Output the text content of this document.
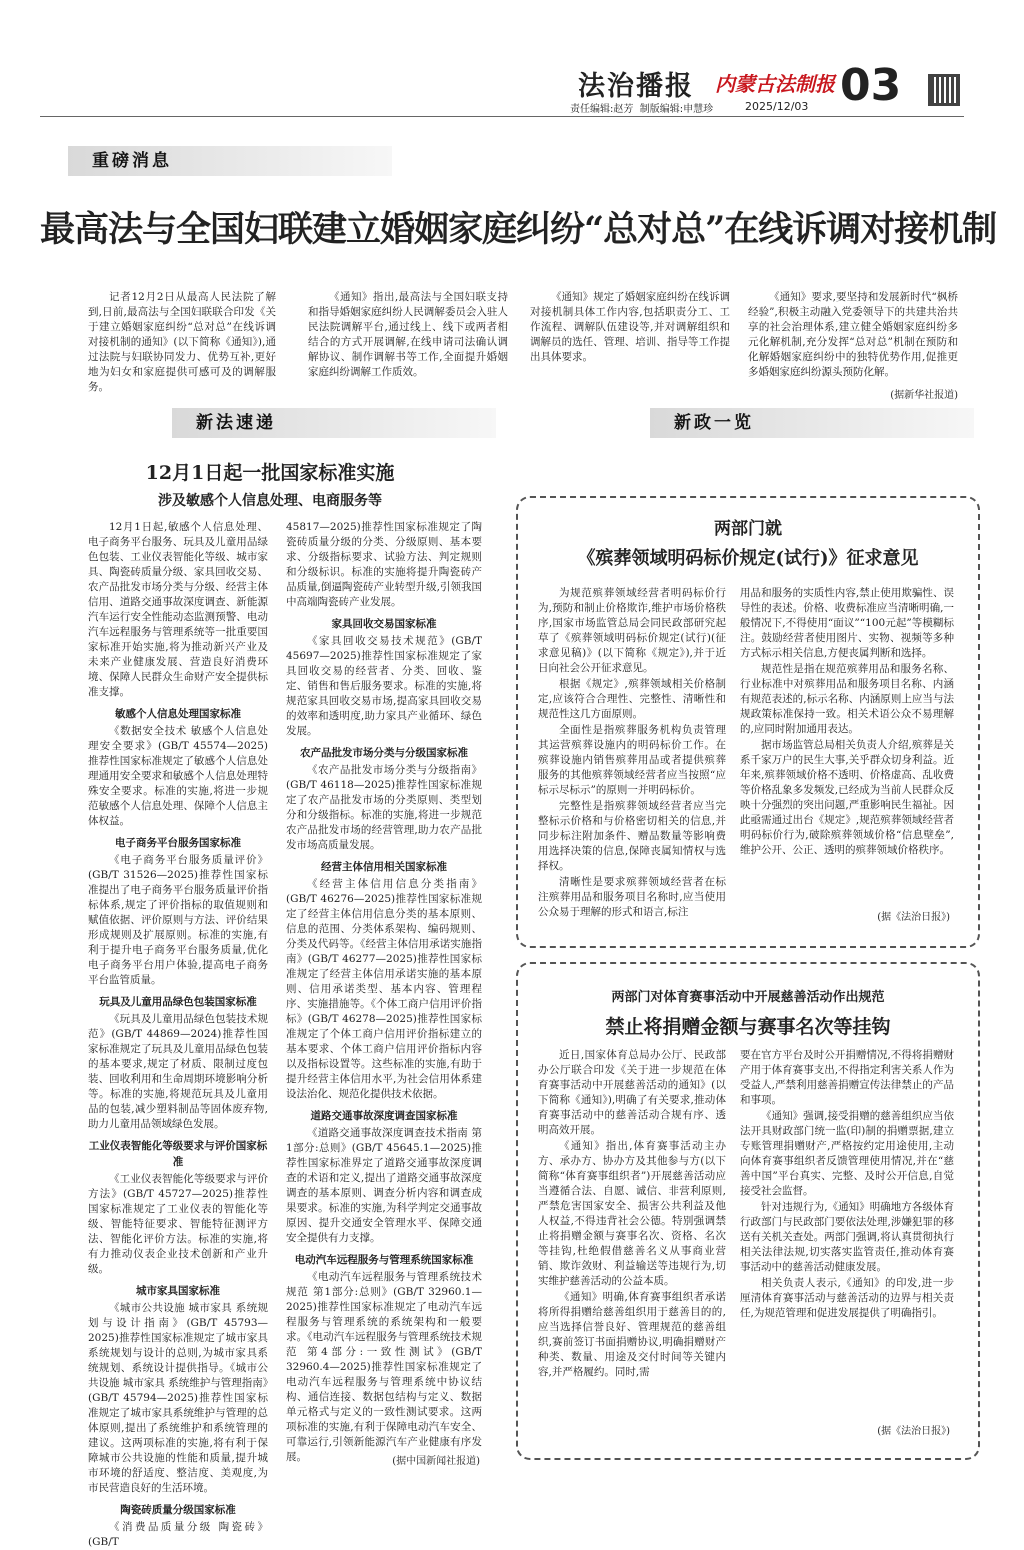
法治播报 内蒙古法制报
责任编辑:赵芳  制版编辑:申慧珍	2025/12/03 03
重磅消息
最高法与全国妇联建立婚姻家庭纠纷“总对总”在线诉调对接机制

记者12月2日从最高人民法院了解到,日前,最高法与全国妇联联合印发《关于建立婚姻家庭纠纷“总对总”在线诉调对接机制的通知》(以下简称《通知》),通过法院与妇联协同发力、优势互补,更好地为妇女和家庭提供可感可及的调解服务。

《通知》指出,最高法与全国妇联支持和指导婚姻家庭纠纷人民调解委员会入驻人民法院调解平台,通过线上、线下或两者相结合的方式开展调解,在线申请司法确认调解协议、制作调解书等工作,全面提升婚姻家庭纠纷调解工作质效。

《通知》规定了婚姻家庭纠纷在线诉调对接机制具体工作内容,包括职责分工、工作流程、调解队伍建设等,并对调解组织和调解员的选任、管理、培训、指导等工作提出具体要求。

《通知》要求,要坚持和发展新时代“枫桥经验”,积极主动融入党委领导下的共建共治共享的社会治理体系,建立健全婚姻家庭纠纷多元化解机制,充分发挥“总对总”机制在预防和化解婚姻家庭纠纷中的独特优势作用,促推更多婚姻家庭纠纷源头预防化解。

(据新华社报道)
新法速递	新政一览
12月1日起一批国家标准实施
涉及敏感个人信息处理、电商服务等

12月1日起,敏感个人信息处理、电子商务平台服务、玩具及儿童用品绿色包装、工业仪表智能化等级、城市家具、陶瓷砖质量分级、家具回收交易、农产品批发市场分类与分级、经营主体信用、道路交通事故深度调查、新能源汽车运行安全性能动态监测预警、电动汽车远程服务与管理系统等一批重要国家标准开始实施,将为推动新兴产业及未来产业健康发展、营造良好消费环境、保障人民群众生命财产安全提供标准支撑。

敏感个人信息处理国家标准

《数据安全技术 敏感个人信息处理安全要求》(GB/T 45574—2025)推荐性国家标准规定了敏感个人信息处理通用安全要求和敏感个人信息处理特殊安全要求。标准的实施,将进一步规范敏感个人信息处理、保障个人信息主体权益。

电子商务平台服务国家标准

《电子商务平台服务质量评价》(GB/T 31526—2025)推荐性国家标准提出了电子商务平台服务质量评价指标体系,规定了评价指标的取值规则和赋值依据、评价原则与方法、评价结果形成规则及扩展原则。标准的实施,有利于提升电子商务平台服务质量,优化电子商务平台用户体验,提高电子商务平台监管质量。

玩具及儿童用品绿色包装国家标准

《玩具及儿童用品绿色包装技术规范》(GB/T 44869—2024)推荐性国家标准规定了玩具及儿童用品绿色包装的基本要求,规定了材质、限制过度包装、回收利用和生命周期环境影响分析等。标准的实施,将规范玩具及儿童用品的包装,减少塑料制品等固体废弃物,助力儿童用品领域绿色发展。

工业仪表智能化等级要求与评价国家标准

《工业仪表智能化等级要求与评价方法》(GB/T 45727—2025)推荐性国家标准规定了工业仪表的智能化等级、智能特征要求、智能特征测评方法、智能化评价方法。标准的实施,将有力推动仪表企业技术创新和产业升级。

城市家具国家标准

《城市公共设施 城市家具 系统规划与设计指南》(GB/T 45793—2025)推荐性国家标准规定了城市家具系统规划与设计的总则,为城市家具系统规划、系统设计提供指导。《城市公共设施 城市家具 系统维护与管理指南》(GB/T 45794—2025)推荐性国家标准规定了城市家具系统维护与管理的总体原则,提出了系统维护和系统管理的建议。这两项标准的实施,将有利于保障城市公共设施的性能和质量,提升城市环境的舒适度、整洁度、美观度,为市民营造良好的生活环境。

陶瓷砖质量分级国家标准

《消费品质量分级 陶瓷砖》(GB/T

45817—2025)推荐性国家标准规定了陶瓷砖质量分级的分类、分级原则、基本要求、分级指标要求、试验方法、判定规则和分级标识。标准的实施将提升陶瓷砖产品质量,倒逼陶瓷砖产业转型升级,引领我国中高端陶瓷砖产业发展。

家具回收交易国家标准

《家具回收交易技术规范》(GB/T 45697—2025)推荐性国家标准规定了家具回收交易的经营者、分类、回收、鉴定、销售和售后服务要求。标准的实施,将规范家具回收交易市场,提高家具回收交易的效率和透明度,助力家具产业循环、绿色发展。

农产品批发市场分类与分级国家标准

《农产品批发市场分类与分级指南》(GB/T 46118—2025)推荐性国家标准规定了农产品批发市场的分类原则、类型划分和分级指标。标准的实施,将进一步规范农产品批发市场的经营管理,助力农产品批发市场高质量发展。

经营主体信用相关国家标准

《经营主体信用信息分类指南》(GB/T 46276—2025)推荐性国家标准规定了经营主体信用信息分类的基本原则、信息的范围、分类体系架构、编码规则、分类及代码等。《经营主体信用承诺实施指南》(GB/T 46277—2025)推荐性国家标准规定了经营主体信用承诺实施的基本原则、信用承诺类型、基本内容、管理程序、实施措施等。《个体工商户信用评价指标》(GB/T 46278—2025)推荐性国家标准规定了个体工商户信用评价指标建立的基本要求、个体工商户信用评价指标内容以及指标设置等。这些标准的实施,有助于提升经营主体信用水平,为社会信用体系建设法治化、规范化提供技术依据。

道路交通事故深度调查国家标准

《道路交通事故深度调查技术指南 第1部分:总则》(GB/T 45645.1—2025)推荐性国家标准界定了道路交通事故深度调查的术语和定义,提出了道路交通事故深度调查的基本原则、调查分析内容和调查成果要求。标准的实施,为科学判定交通事故原因、提升交通安全管理水平、保障交通安全提供有力支撑。

电动汽车远程服务与管理系统国家标准

《电动汽车远程服务与管理系统技术规范 第1部分:总则》(GB/T 32960.1—2025)推荐性国家标准规定了电动汽车远程服务与管理系统的系统架构和一般要求。《电动汽车远程服务与管理系统技术规范 第4部分:一致性测试》(GB/T 32960.4—2025)推荐性国家标准规定了电动汽车远程服务与管理系统中协议结构、通信连接、数据包结构与定义、数据单元格式与定义的一致性测试要求。这两项标准的实施,有利于保障电动汽车安全、可靠运行,引领新能源汽车产业健康有序发展。	(据中国新闻社报道)
两部门就
《殡葬领域明码标价规定(试行)》征求意见

为规范殡葬领域经营者明码标价行为,预防和制止价格欺诈,维护市场价格秩序,国家市场监管总局会同民政部研究起草了《殡葬领域明码标价规定(试行)(征求意见稿)》(以下简称《规定》),并于近日向社会公开征求意见。

根据《规定》,殡葬领域相关价格制定,应该符合合理性、完整性、清晰性和规范性这几方面原则。

全面性是指殡葬服务机构负责管理其运营殡葬设施内的明码标价工作。在殡葬设施内销售殡葬用品或者提供殡葬服务的其他殡葬领域经营者应当按照“应标示尽标示”的原则一并明码标价。

完整性是指殡葬领域经营者应当完整标示价格和与价格密切相关的信息,并同步标注附加条件、赠品数量等影响费用选择决策的信息,保障丧属知情权与选择权。

清晰性是要求殡葬领域经营者在标注殡葬用品和服务项目名称时,应当使用公众易于理解的形式和语言,标注

用品和服务的实质性内容,禁止使用欺骗性、误导性的表述。价格、收费标准应当清晰明确,一般情况下,不得使用“面议”“100元起”等模糊标注。鼓励经营者使用图片、实物、视频等多种方式标示相关信息,方便丧属判断和选择。

规范性是指在规范殡葬用品和服务名称、行业标准中对殡葬用品和服务项目名称、内涵有规范表述的,标示名称、内涵原则上应当与法规政策标准保持一致。相关术语公众不易理解的,应同时附加通用表达。

据市场监管总局相关负责人介绍,殡葬是关系千家万户的民生大事,关乎群众切身利益。近年来,殡葬领域价格不透明、价格虚高、乱收费等价格乱象多发频发,已经成为当前人民群众反映十分强烈的突出问题,严重影响民生福祉。因此亟需通过出台《规定》,规范殡葬领域经营者明码标价行为,破除殡葬领域价格“信息壁垒”,维护公开、公正、透明的殡葬领域价格秩序。

(据《法治日报》)
两部门对体育赛事活动中开展慈善活动作出规范
禁止将捐赠金额与赛事名次等挂钩

近日,国家体育总局办公厅、民政部办公厅联合印发《关于进一步规范在体育赛事活动中开展慈善活动的通知》(以下简称《通知》),明确了有关要求,推动体育赛事活动中的慈善活动合规有序、透明高效开展。

《通知》指出,体育赛事活动主办方、承办方、协办方及其他参与方(以下简称“体育赛事组织者”)开展慈善活动应当遵循合法、自愿、诚信、非营利原则,严禁危害国家安全、损害公共利益及他人权益,不得违背社会公德。特别强调禁止将捐赠金额与赛事名次、资格、名次等挂钩,杜绝假借慈善名义从事商业营销、欺诈敛财、利益输送等违规行为,切实维护慈善活动的公益本质。

《通知》明确,体育赛事组织者承诺将所得捐赠给慈善组织用于慈善目的的,应当选择信誉良好、管理规范的慈善组织,赛前签订书面捐赠协议,明确捐赠财产种类、数量、用途及交付时间等关键内容,并严格履约。同时,需

要在官方平台及时公开捐赠情况,不得将捐赠财产用于体育赛事支出,不得指定利害关系人作为受益人,严禁利用慈善捐赠宣传法律禁止的产品和事项。

《通知》强调,接受捐赠的慈善组织应当依法开具财政部门统一监(印)制的捐赠票据,建立专账管理捐赠财产,严格按约定用途使用,主动向体育赛事组织者反馈管理使用情况,并在“慈善中国”平台真实、完整、及时公开信息,自觉接受社会监督。

针对违规行为,《通知》明确地方各级体育行政部门与民政部门要依法处理,涉嫌犯罪的移送有关机关查处。两部门强调,将认真贯彻执行相关法律法规,切实落实监管责任,推动体育赛事活动中的慈善活动健康发展。

相关负责人表示,《通知》的印发,进一步厘清体育赛事活动与慈善活动的边界与相关责任,为规范管理和促进发展提供了明确指引。

(据《法治日报》)
